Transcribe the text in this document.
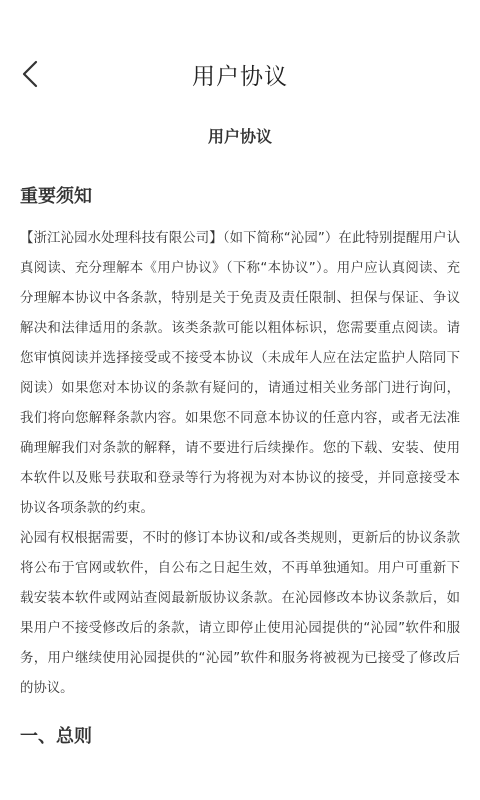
用户协议
用户协议
重要须知

【浙江沁园水处理科技有限公司】（如下简称“沁园”）在此特别提醒用户认真阅读、充分理解本《用户协议》（下称“本协议”）。用户应认真阅读、充分理解本协议中各条款，特别是关于免责及责任限制、担保与保证、争议解决和法律适用的条款。该类条款可能以粗体标识，您需要重点阅读。请您审慎阅读并选择接受或不接受本协议（未成年人应在法定监护人陪同下阅读）如果您对本协议的条款有疑问的，请通过相关业务部门进行询问，我们将向您解释条款内容。如果您不同意本协议的任意内容，或者无法准确理解我们对条款的解释，请不要进行后续操作。您的下载、安装、使用本软件以及账号获取和登录等行为将视为对本协议的接受，并同意接受本协议各项条款的约束。

沁园有权根据需要，不时的修订本协议和/或各类规则，更新后的协议条款将公布于官网或软件，自公布之日起生效，不再单独通知。用户可重新下载安装本软件或网站查阅最新版协议条款。在沁园修改本协议条款后，如果用户不接受修改后的条款，请立即停止使用沁园提供的“沁园”软件和服务，用户继续使用沁园提供的“沁园”软件和服务将被视为已接受了修改后的协议。

一、总则
